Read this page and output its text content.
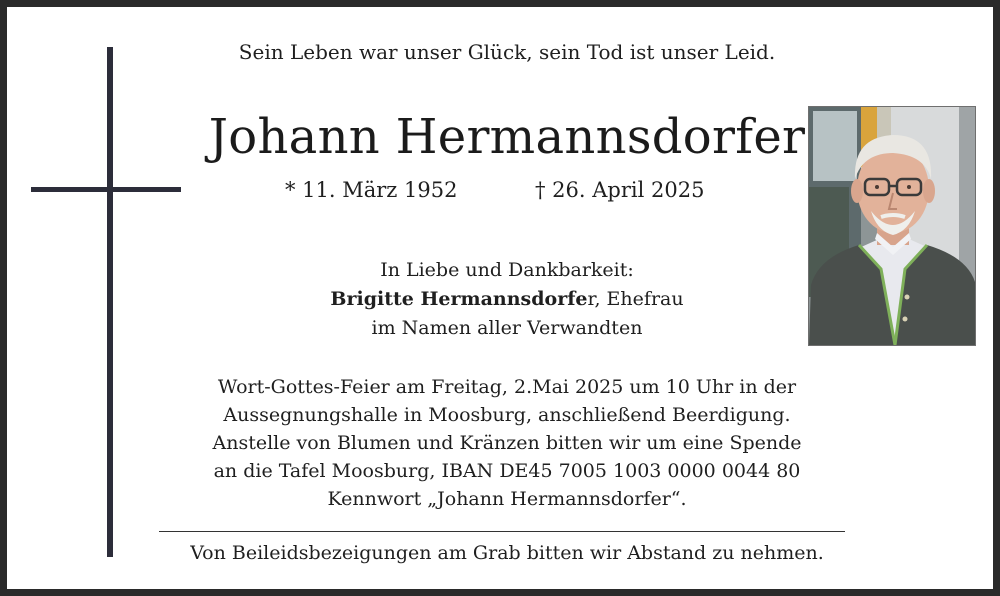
Sein Leben war unser Glück, sein Tod ist unser Leid.
Johann Hermannsdorfer
* 11. März 1952	† 26. April 2025
In Liebe und Dankbarkeit:
Brigitte Hermannsdorfer, Ehefrau
im Namen aller Verwandten
Wort-Gottes-Feier am Freitag, 2.Mai 2025 um 10 Uhr in der
Aussegnungshalle in Moosburg, anschließend Beerdigung.
Anstelle von Blumen und Kränzen bitten wir um eine Spende
an die Tafel Moosburg, IBAN DE45 7005 1003 0000 0044 80
Kennwort „Johann Hermannsdorfer“.
Von Beileidsbezeigungen am Grab bitten wir Abstand zu nehmen.
